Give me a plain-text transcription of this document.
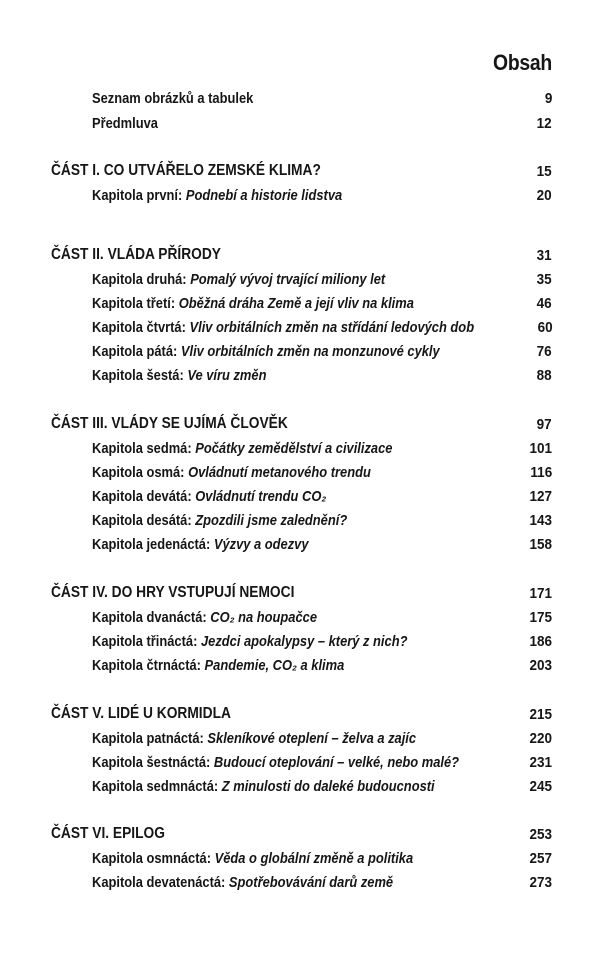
Obsah
Seznam obrázků a tabulek	9
Předmluva	12
ČÁST I. CO UTVÁŘELO ZEMSKÉ KLIMA?	15
Kapitola první: Podnebí a historie lidstva	20
ČÁST II. VLÁDA PŘÍRODY	31
Kapitola druhá: Pomalý vývoj trvající miliony let	35
Kapitola třetí: Oběžná dráha Země a její vliv na klima	46
Kapitola čtvrtá: Vliv orbitálních změn na střídání ledových dob	60
Kapitola pátá: Vliv orbitálních změn na monzunové cykly	76
Kapitola šestá: Ve víru změn	88
ČÁST III. VLÁDY SE UJÍMÁ ČLOVĚK	97
Kapitola sedmá: Počátky zemědělství a civilizace	101
Kapitola osmá: Ovládnutí metanového trendu	116
Kapitola devátá: Ovládnutí trendu CO₂	127
Kapitola desátá: Zpozdili jsme zalednění?	143
Kapitola jedenáctá: Výzvy a odezvy	158
ČÁST IV. DO HRY VSTUPUJÍ NEMOCI	171
Kapitola dvanáctá: CO₂ na houpačce	175
Kapitola třináctá: Jezdci apokalypsy – který z nich?	186
Kapitola čtrnáctá: Pandemie, CO₂ a klima	203
ČÁST V. LIDÉ U KORMIDLA	215
Kapitola patnáctá: Skleníkové oteplení – želva a zajíc	220
Kapitola šestnáctá: Budoucí oteplování – velké, nebo malé?	231
Kapitola sedmnáctá: Z minulosti do daleké budoucnosti	245
ČÁST VI. EPILOG	253
Kapitola osmnáctá: Věda o globální změně a politika	257
Kapitola devatenáctá: Spotřebovávání darů země	273
